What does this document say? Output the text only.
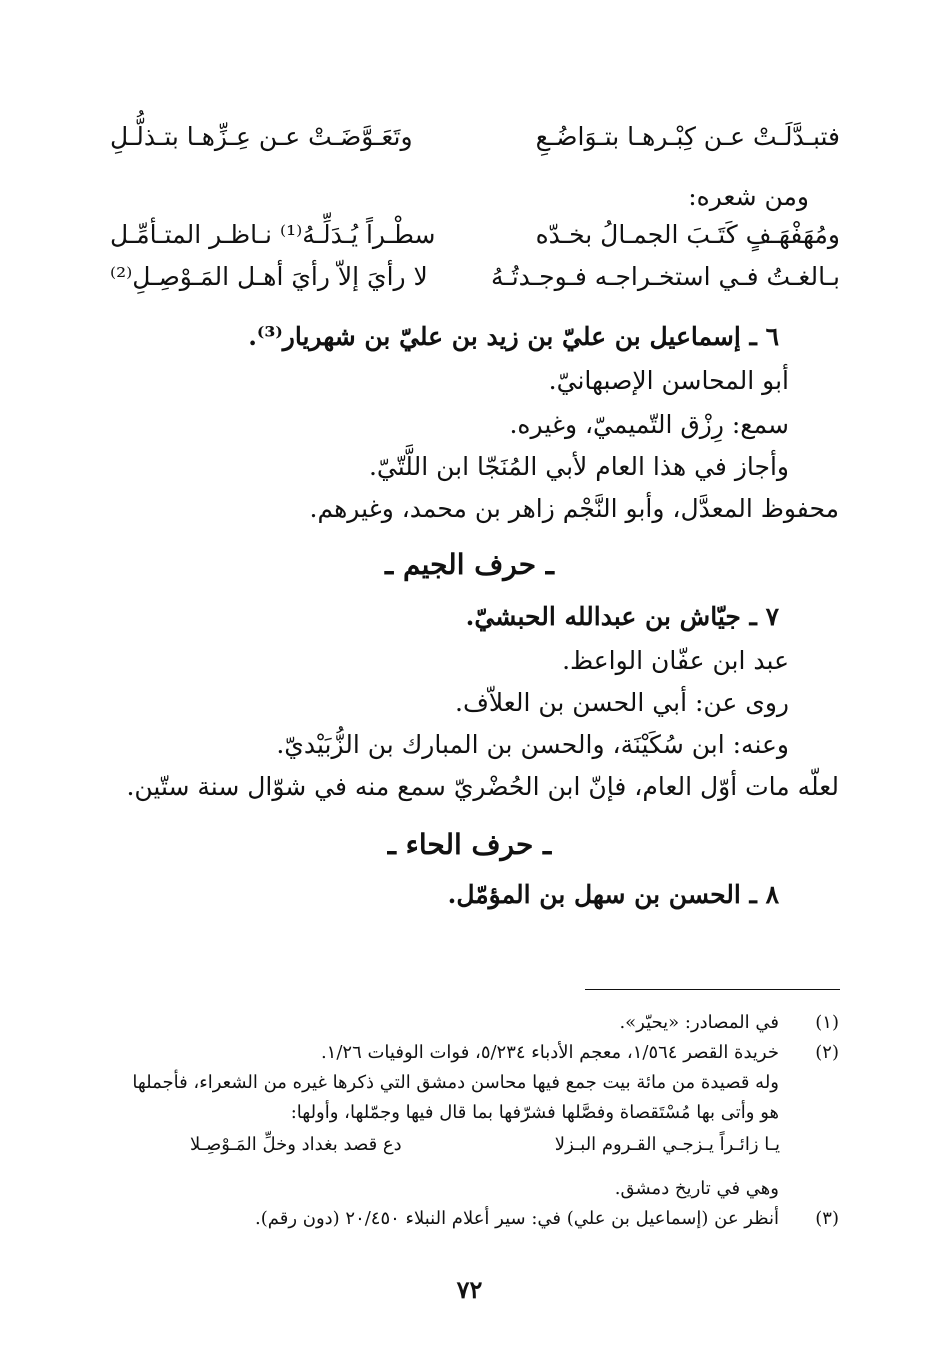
فتبـدَّلَـتْ عـن كِبْـرهـا بتـوَاضُـعِ
وتَعَـوَّضَـتْ عـن عِـزِّهـا بتـذلُّـلِ
ومن شعره:
ومُهَفْهَـفٍ كَتَـبَ الجمـالُ بخـدّه
سطْـراً يُـدَلِّـهُ⁽¹⁾ نـاظـر المتـأمِّـل
بـالغـتُ فـي استخـراجـه فـوجـدتُـهُ
لا رأيَ إلاّ رأيَ أهـل المَـوْصِـلِ⁽²⁾
٦ ـ إسماعيل بن عليّ بن زيد بن عليّ بن شهريار⁽³⁾.
أبو المحاسن الإصبهانيّ.
سمع: رِزْق التّميميّ، وغيره.
وأجاز في هذا العام لأبي المُنَجّا ابن اللَّتّيّ.
محفوظ المعدَّل، وأبو النَّجْم زاهر بن محمد، وغيرهم.
ـ حرف الجيم ـ
٧ ـ جيّاش بن عبدالله الحبشيّ.
عبد ابن عفّان الواعظ.
روى عن: أبي الحسن بن العلاّف.
وعنه: ابن سُكَيْنَة، والحسن بن المبارك بن الزُّبَيْديّ.
لعلّه مات أوّل العام، فإنّ ابن الحُضْريّ سمع منه في شوّال سنة ستّين.
ـ حرف الحاء ـ
٨ ـ الحسن بن سهل بن المؤمّل.
(١)
في المصادر: «يحيّر».
(٢)
خريدة القصر ١/٥٦٤، معجم الأدباء ٥/٢٣٤، فوات الوفيات ١/٢٦.
وله قصيدة من مائة بيت جمع فيها محاسن دمشق التي ذكرها غيره من الشعراء، فأجملها
هو وأتى بها مُسْتَقصاة وفصَّلها فشرّفها بما قال فيها وجمّلها، وأولها:
يـا زائـراً يـزجـي القـروم البـزلا
دع قصد بغداد وخلِّ المَـوْصِـلا
وهي في تاريخ دمشق.
(٣)
أنظر عن (إسماعيل بن علي) في: سير أعلام النبلاء ٢٠/٤٥٠ (دون رقم).
٧٢
